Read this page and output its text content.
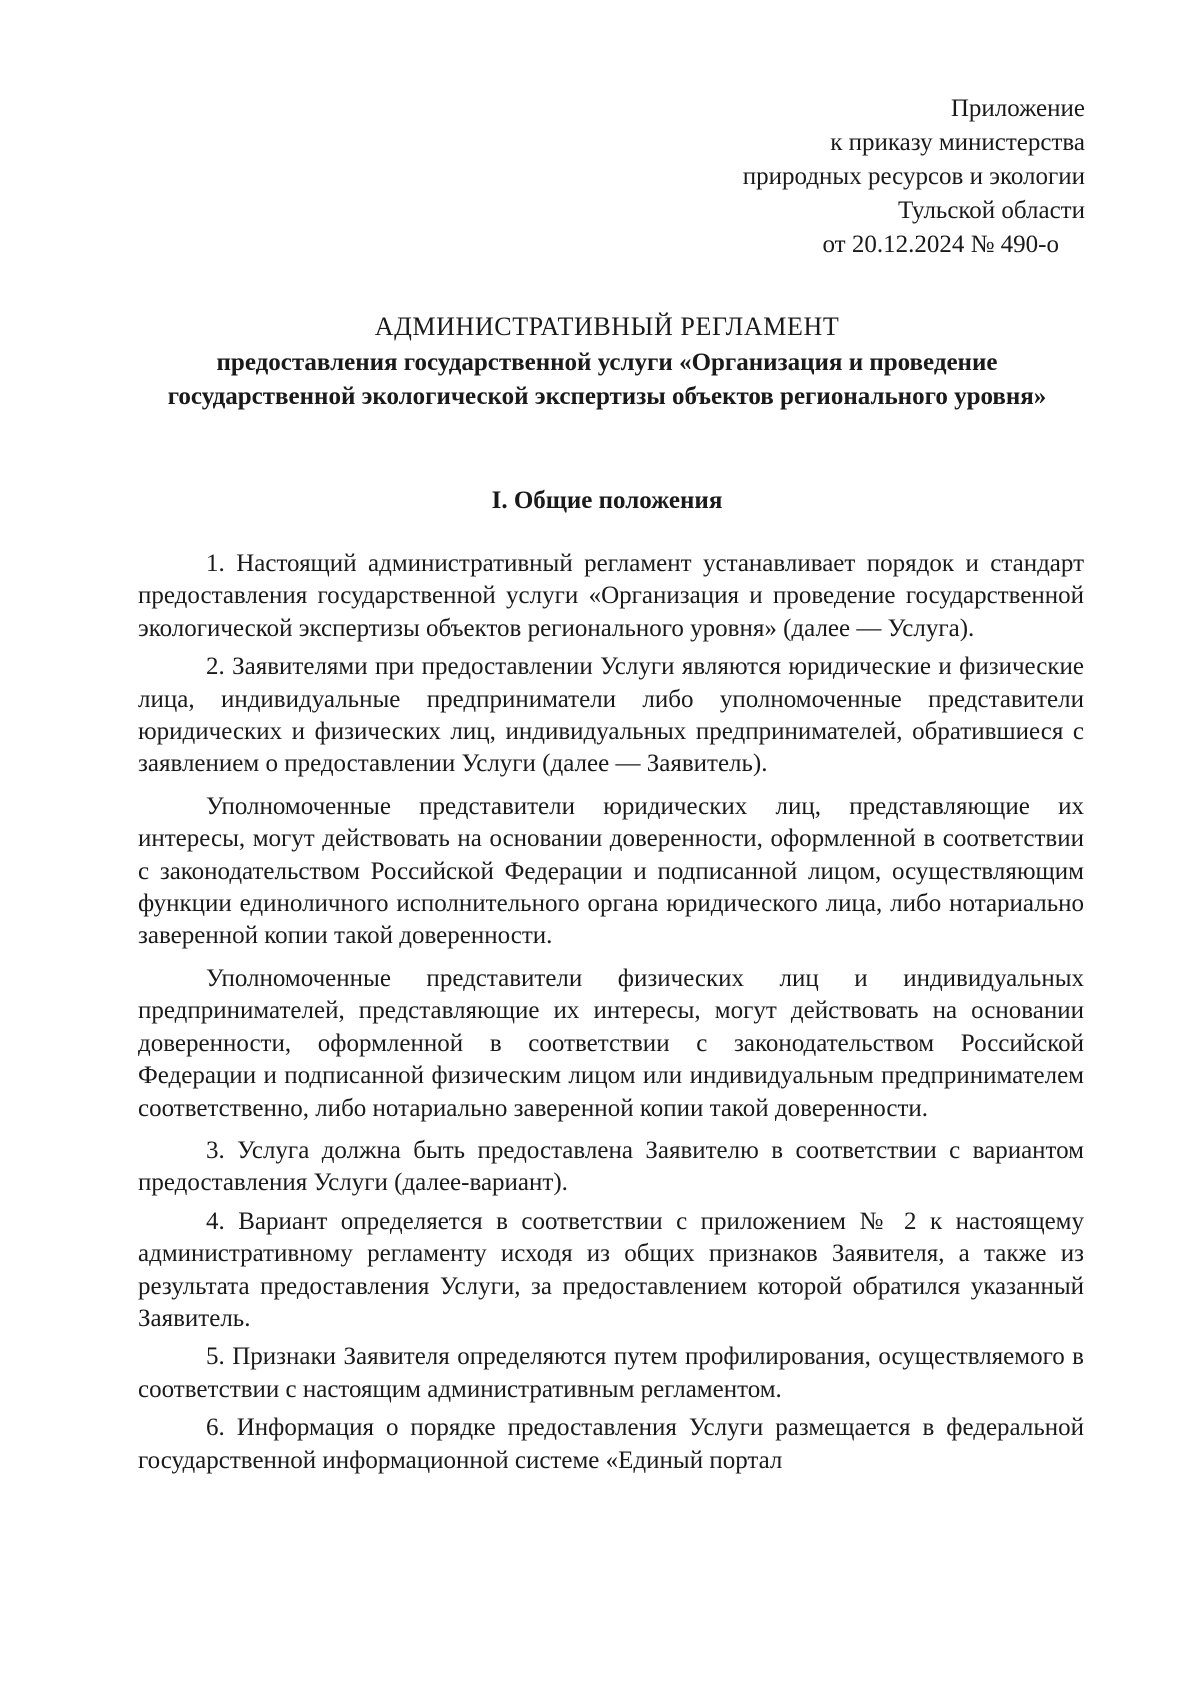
Приложение
к приказу министерства
природных ресурсов и экологии
Тульской области
от 20.12.2024 № 490-о
АДМИНИСТРАТИВНЫЙ РЕГЛАМЕНТ
предоставления государственной услуги «Организация и проведение государственной экологической экспертизы объектов регионального уровня»
I. Общие положения

1. Настоящий административный регламент устанавливает порядок и стандарт предоставления государственной услуги «Организация и проведение государственной экологической экспертизы объектов регионального уровня» (далее — Услуга).

2. Заявителями при предоставлении Услуги являются юридические и физические лица, индивидуальные предприниматели либо уполномоченные представители юридических и физических лиц, индивидуальных предпринимателей, обратившиеся с заявлением о предоставлении Услуги (далее — Заявитель).

Уполномоченные представители юридических лиц, представляющие их интересы, могут действовать на основании доверенности, оформленной в соответствии с законодательством Российской Федерации и подписанной лицом, осуществляющим функции единоличного исполнительного органа юридического лица, либо нотариально заверенной копии такой доверенности.

Уполномоченные представители физических лиц и индивидуальных предпринимателей, представляющие их интересы, могут действовать на основании доверенности, оформленной в соответствии с законодательством Российской Федерации и подписанной физическим лицом или индивидуальным предпринимателем соответственно, либо нотариально заверенной копии такой доверенности.

3. Услуга должна быть предоставлена Заявителю в соответствии с вариантом предоставления Услуги (далее-вариант).

4. Вариант определяется в соответствии с приложением № 2 к настоящему административному регламенту исходя из общих признаков Заявителя, а также из результата предоставления Услуги, за предоставлением которой обратился указанный Заявитель.

5. Признаки Заявителя определяются путем профилирования, осуществляемого в соответствии с настоящим административным регламентом.

6. Информация о порядке предоставления Услуги размещается в федеральной государственной информационной системе «Единый портал
